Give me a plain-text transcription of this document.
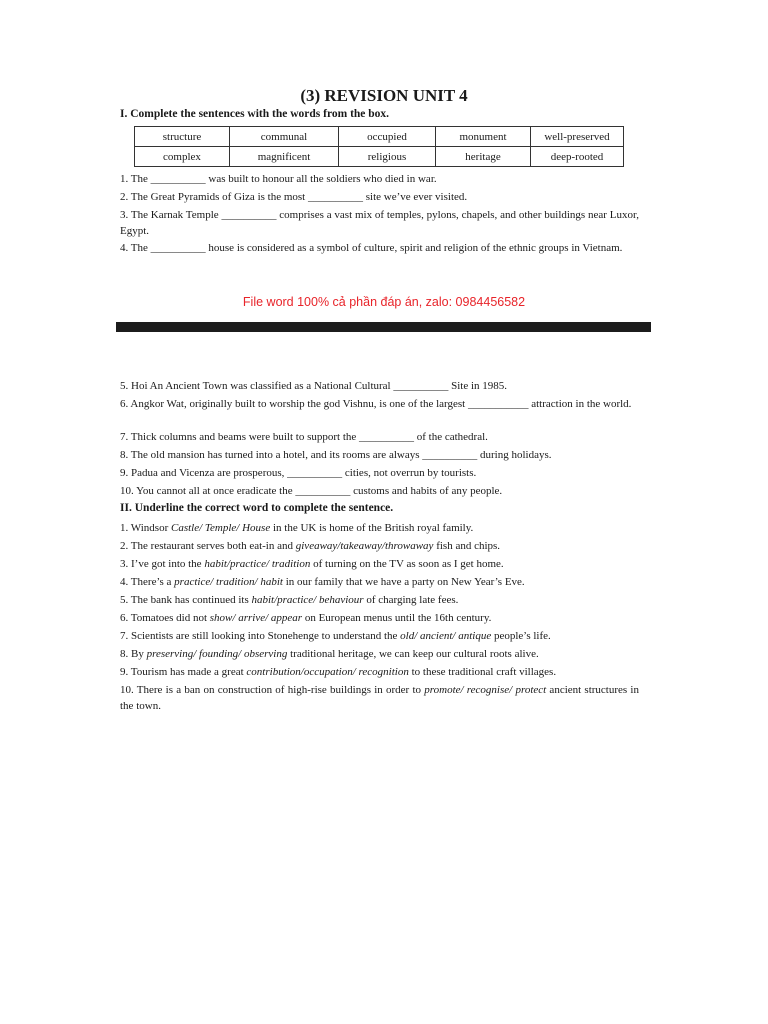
(3) REVISION UNIT 4
I. Complete the sentences with the words from the box.
structure	communal	occupied	monument	well-preserved
complex	magnificent	religious	heritage	deep-rooted
1. The __________ was built to honour all the soldiers who died in war.
2. The Great Pyramids of Giza is the most __________ site we’ve ever visited.
3. The Karnak Temple __________ comprises a vast mix of temples, pylons, chapels, and other buildings near Luxor, Egypt.
4. The __________ house is considered as a symbol of culture, spirit and religion of the ethnic groups in Vietnam.
File word 100% cả phần đáp án, zalo: 0984456582
5. Hoi An Ancient Town was classified as a National Cultural __________ Site in 1985.
6. Angkor Wat, originally built to worship the god Vishnu, is one of the largest ___________ attraction in the world.
7. Thick columns and beams were built to support the __________ of the cathedral.
8. The old mansion has turned into a hotel, and its rooms are always __________ during holidays.
9. Padua and Vicenza are prosperous, __________ cities, not overrun by tourists.
10. You cannot all at once eradicate the __________ customs and habits of any people.
II. Underline the correct word to complete the sentence.
1. Windsor Castle/ Temple/ House in the UK is home of the British royal family.
2. The restaurant serves both eat-in and giveaway/takeaway/throwaway fish and chips.
3. I’ve got into the habit/practice/ tradition of turning on the TV as soon as I get home.
4. There’s a practice/ tradition/ habit in our family that we have a party on New Year’s Eve.
5. The bank has continued its habit/practice/ behaviour of charging late fees.
6. Tomatoes did not show/ arrive/ appear on European menus until the 16th century.
7. Scientists are still looking into Stonehenge to understand the old/ ancient/ antique people’s life.
8. By preserving/ founding/ observing traditional heritage, we can keep our cultural roots alive.
9. Tourism has made a great contribution/occupation/ recognition to these traditional craft villages.
10. There is a ban on construction of high-rise buildings in order to promote/ recognise/ protect ancient structures in the town.
